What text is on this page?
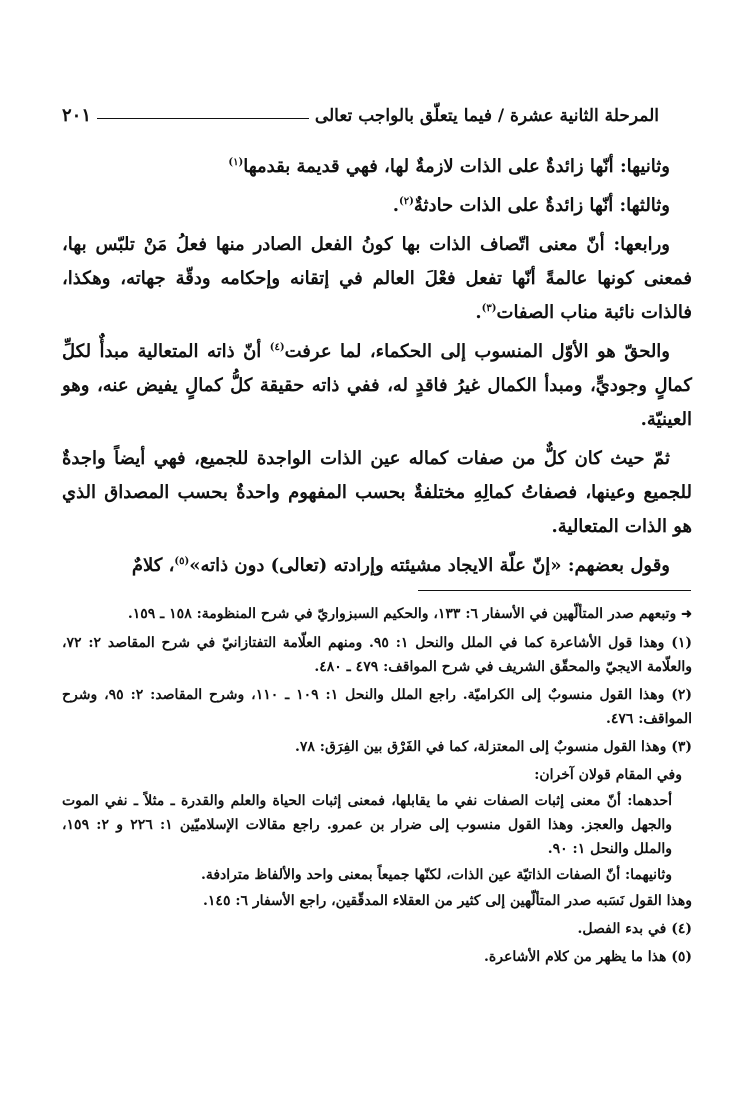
المرحلة الثانية عشرة / فيما يتعلّق بالواجب تعالى
٢٠١

وثانيها: أنّها زائدةٌ على الذات لازمةٌ لها، فهي قديمة بقدمها$^{(١)}$

وثالثها: أنّها زائدةٌ على الذات حادثةٌ$^{(٢)}$.

ورابعها: أنّ معنى اتّصاف الذات بها كونُ الفعل الصادر منها فعلُ مَنْ تلبّس بها، فمعنى كونها عالمةً أنّها تفعل فعْلَ العالم في إتقانه وإحكامه ودقّة جهاته، وهكذا، فالذات نائبة مناب الصفات$^{(٣)}$.

والحقّ هو الأوّل المنسوب إلى الحكماء، لما عرفت$^{(٤)}$ أنّ ذاته المتعالية مبدأٌ لكلِّ كمالٍ وجوديٍّ، ومبدأ الكمال غيرُ فاقدٍ له، ففي ذاته حقيقة كلُّ كمالٍ يفيض عنه، وهو العينيّة.

ثمّ حيث كان كلٌّ من صفات كماله عين الذات الواجدة للجميع، فهي أيضاً واجدةٌ للجميع وعينها، فصفاتُ كمالِهِ مختلفةٌ بحسب المفهوم واحدةٌ بحسب المصداق الذي هو الذات المتعالية.

وقول بعضهم: «إنّ علّة الايجاد مشيئته وإرادته (تعالى) دون ذاته»$^{(٥)}$، كلامٌ

➜ وتبعهم صدر المتألّهين في الأسفار ٦: ١٣٣، والحكيم السبزواريّ في شرح المنظومة: ١٥٨ ـ ١٥٩.

(١) وهذا قول الأشاعرة كما في الملل والنحل ١: ٩٥. ومنهم العلّامة التفتازانيّ في شرح المقاصد ٢: ٧٢، والعلّامة الايجيّ والمحقّق الشريف في شرح المواقف: ٤٧٩ ـ ٤٨٠.

(٢) وهذا القول منسوبٌ إلى الكراميّة. راجع الملل والنحل ١: ١٠٩ ـ ١١٠، وشرح المقاصد: ٢: ٩٥، وشرح المواقف: ٤٧٦.

(٣) وهذا القول منسوبٌ إلى المعتزلة، كما في الفَرْق بين الفِرَق: ٧٨.

وفي المقام قولان آخران:

أحدهما: أنّ معنى إثبات الصفات نفي ما يقابلها، فمعنى إثبات الحياة والعلم والقدرة ـ مثلاً ـ نفي الموت والجهل والعجز. وهذا القول منسوب إلى ضرار بن عمرو. راجع مقالات الإسلاميّين ١: ٢٢٦ و ٢: ١٥٩، والملل والنحل ١: ٩٠.

وثانيهما: أنّ الصفات الذاتيّة عين الذات، لكنّها جميعاً بمعنى واحد والألفاظ مترادفة.

وهذا القول نَسَبه صدر المتألّهين إلى كثير من العقلاء المدقّقين، راجع الأسفار ٦: ١٤٥.

(٤) في بدء الفصل.

(٥) هذا ما يظهر من كلام الأشاعرة.
